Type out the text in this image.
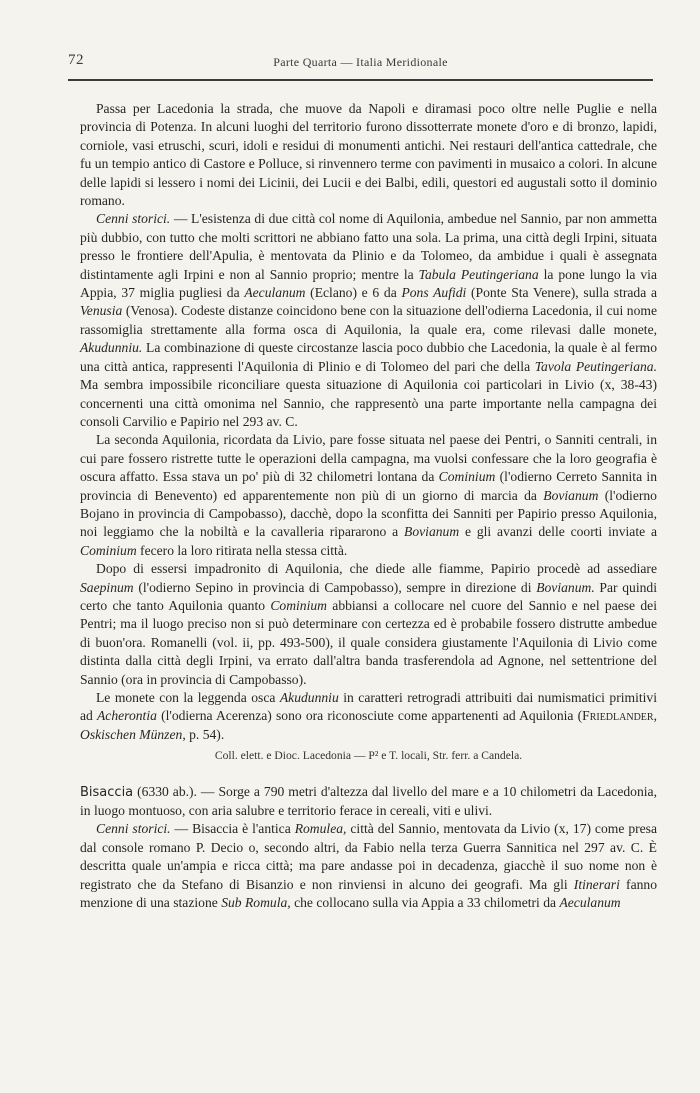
72	Parte Quarta — Italia Meridionale

Passa per Lacedonia la strada, che muove da Napoli e diramasi poco oltre nelle Puglie e nella provincia di Potenza. In alcuni luoghi del territorio furono dissotterrate monete d'oro e di bronzo, lapidi, corniole, vasi etruschi, scuri, idoli e residui di monumenti antichi. Nei restauri dell'antica cattedrale, che fu un tempio antico di Castore e Polluce, si rinvennero terme con pavimenti in musaico a colori. In alcune delle lapidi si lessero i nomi dei Licinii, dei Lucii e dei Balbi, edili, questori ed augustali sotto il dominio romano.

Cenni storici. — L'esistenza di due città col nome di Aquilonia, ambedue nel Sannio, par non ammetta più dubbio, con tutto che molti scrittori ne abbiano fatto una sola. La prima, una città degli Irpini, situata presso le frontiere dell'Apulia, è mentovata da Plinio e da Tolomeo, da ambidue i quali è assegnata distintamente agli Irpini e non al Sannio proprio; mentre la Tabula Peutingeriana la pone lungo la via Appia, 37 miglia pugliesi da Aeculanum (Eclano) e 6 da Pons Aufidi (Ponte Sta Venere), sulla strada a Venusia (Venosa). Codeste distanze coincidono bene con la situazione dell'odierna Lacedonia, il cui nome rassomiglia strettamente alla forma osca di Aquilonia, la quale era, come rilevasi dalle monete, Akudunniu. La combinazione di queste circostanze lascia poco dubbio che Lacedonia, la quale è al fermo una città antica, rappresenti l'Aquilonia di Plinio e di Tolomeo del pari che della Tavola Peutingeriana. Ma sembra impossibile riconciliare questa situazione di Aquilonia coi particolari in Livio (x, 38-43) concernenti una città omonima nel Sannio, che rappresentò una parte importante nella campagna dei consoli Carvilio e Papirio nel 293 av. C.

La seconda Aquilonia, ricordata da Livio, pare fosse situata nel paese dei Pentri, o Sanniti centrali, in cui pare fossero ristrette tutte le operazioni della campagna, ma vuolsi confessare che la loro geografia è oscura affatto. Essa stava un po' più di 32 chilometri lontana da Cominium (l'odierno Cerreto Sannita in provincia di Benevento) ed apparentemente non più di un giorno di marcia da Bovianum (l'odierno Bojano in provincia di Campobasso), dacchè, dopo la sconfitta dei Sanniti per Papirio presso Aquilonia, noi leggiamo che la nobiltà e la cavalleria ripararono a Bovianum e gli avanzi delle coorti inviate a Cominium fecero la loro ritirata nella stessa città.

Dopo di essersi impadronito di Aquilonia, che diede alle fiamme, Papirio procedè ad assediare Saepinum (l'odierno Sepino in provincia di Campobasso), sempre in direzione di Bovianum. Par quindi certo che tanto Aquilonia quanto Cominium abbiansi a collocare nel cuore del Sannio e nel paese dei Pentri; ma il luogo preciso non si può determinare con certezza ed è probabile fossero distrutte ambedue di buon'ora. Romanelli (vol. ii, pp. 493-500), il quale considera giustamente l'Aquilonia di Livio come distinta dalla città degli Irpini, va errato dall'altra banda trasferendola ad Agnone, nel settentrione del Sannio (ora in provincia di Campobasso).

Le monete con la leggenda osca Akudunniu in caratteri retrogradi attribuiti dai numismatici primitivi ad Acherontia (l'odierna Acerenza) sono ora riconosciute come appartenenti ad Aquilonia (Friedlander, Oskischen Münzen, p. 54).

Coll. elett. e Dioc. Lacedonia — P² e T. locali, Str. ferr. a Candela.

Bisaccia (6330 ab.). — Sorge a 790 metri d'altezza dal livello del mare e a 10 chilometri da Lacedonia, in luogo montuoso, con aria salubre e territorio ferace in cereali, viti e ulivi.

Cenni storici. — Bisaccia è l'antica Romulea, città del Sannio, mentovata da Livio (x, 17) come presa dal console romano P. Decio o, secondo altri, da Fabio nella terza Guerra Sannitica nel 297 av. C. È descritta quale un'ampia e ricca città; ma pare andasse poi in decadenza, giacchè il suo nome non è registrato che da Stefano di Bisanzio e non rinviensi in alcuno dei geografi. Ma gli Itinerari fanno menzione di una stazione Sub Romula, che collocano sulla via Appia a 33 chilometri da Aeculanum
